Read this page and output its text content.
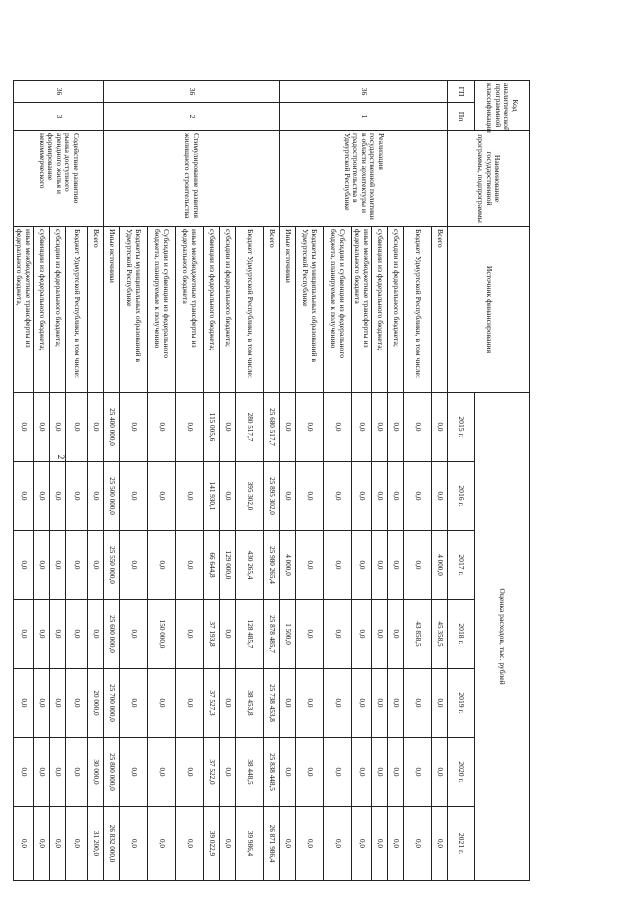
2
Код аналитической программной классификации		Наименование государственной программы, подпрограммы	Источник финансирования	Оценка расходов, тыс. рублей						
ГП	Пп			2015 г.	2016 г.	2017 г.	2018 г.	2019 г.	2020 г.	2021 г.
36	1	Реализация государственной политики в области архитектуры и градостроительства в Удмуртской Республике	Всего	0,0	0,0	4 000,0	45 358,5	0,0	0,0	0,0
			Бюджет Удмуртской Республики, в том числе:	0,0	0,0	0,0	43 858,5	0,0	0,0	0,0
			субсидии из федерального бюджета;	0,0	0,0	0,0	0,0	0,0	0,0	0,0
			субвенции из федерального бюджета;	0,0	0,0	0,0	0,0	0,0	0,0	0,0
			иные межбюджетные трансферты из федерального бюджета	0,0	0,0	0,0	0,0	0,0	0,0	0,0
			Субсидии и субвенции из федерального бюджета, планируемые к получению	0,0	0,0	0,0	0,0	0,0	0,0	0,0
			Бюджеты муниципальных образований в Удмуртской Республике	0,0	0,0	0,0	0,0	0,0	0,0	0,0
			Иные источники	0,0	0,0	4 000,0	1 500,0	0,0	0,0	0,0
36	2	Стимулирование развития жилищного строительства	Всего	25 680 517,7	25 895 302,0	25 980 265,4	25 878 485,7	25 738 453,8	25 838 448,5	26 871 986,4
			Бюджет Удмуртской Республики, в том числе:	280 517,7	395 302,0	430 265,4	128 485,7	38 453,8	38 448,5	39 986,4
			субсидии из федерального бюджета;	0,0	0,0	129 000,0	0,0	0,0	0,0	0,0
			субвенции из федерального бюджета;	115 005,6	141 930,1	66 644,8	37 193,8	37 527,3	37 522,0	39 022,9
			иные межбюджетные трансферты из федерального бюджета	0,0	0,0	0,0	0,0	0,0	0,0	0,0
			Субсидии и субвенции из федерального бюджета, планируемые к получению	0,0	0,0	0,0	150 000,0	0,0	0,0	0,0
			Бюджеты муниципальных образований в Удмуртской Республике	0,0	0,0	0,0	0,0	0,0	0,0	0,0
			Иные источники	25 400 000,0	25 500 000,0	25 550 000,0	25 600 000,0	25 700 000,0	25 800 000,0	26 832 000,0
36	3	Содействие развитию рынка доступного арендного жилья и формирование некоммерческого	Всего	0,0	0,0	0,0	0,0	20 000,0	30 000,0	31 200,0
			Бюджет Удмуртской Республики, в том числе:	0,0	0,0	0,0	0,0	0,0	0,0	0,0
			субсидии из федерального бюджета;	0,0	0,0	0,0	0,0	0,0	0,0	0,0
			субвенции из федерального бюджета;	0,0	0,0	0,0	0,0	0,0	0,0	0,0
			иные межбюджетные трансферты из федерального бюджета,	0,0	0,0	0,0	0,0	0,0	0,0	0,0
